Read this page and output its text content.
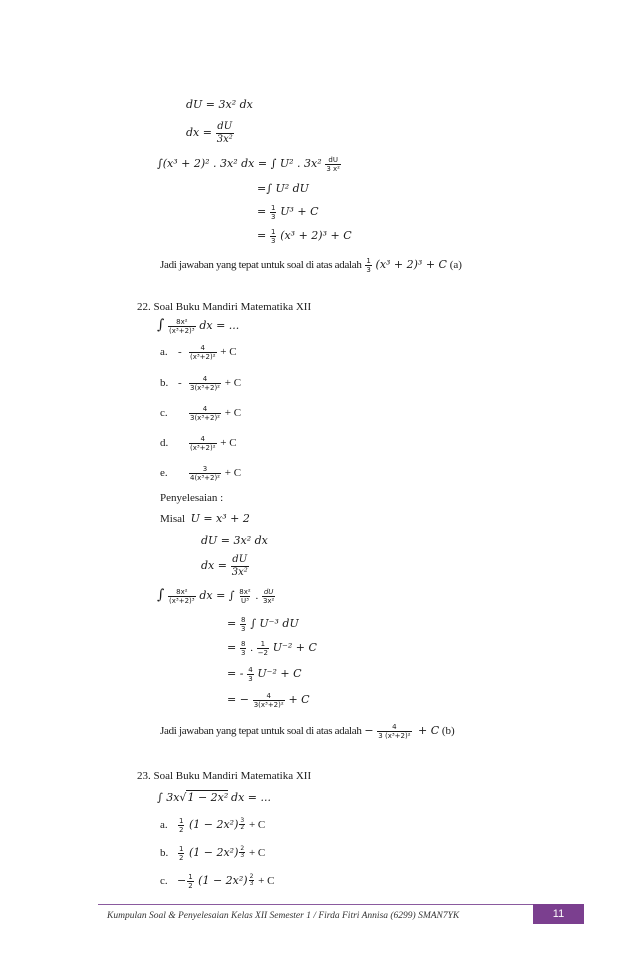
dU = 3x² dx
dx = $\frac{dU}{\text{3x²}}$
∫(x³ + 2)² . 3x² dx = ∫ U² . $3x^2 \frac{dU}{\text{3 x²}}$
=∫ U² dU
= $\frac{1}{3} U^3 + C$
= $\frac{1}{3} (x^3 + 2)^3 + C$
Jadi jawaban yang tepat untuk soal di atas adalah $\frac{1}{3} (x^3 + 2)^3 + C$ (a)
22. Soal Buku Mandiri Matematika XII
∫ $\frac{\text{8x²}}{\text{(x³+2)³}}$ dx = ...
a. - $\frac{4}{\text{(x³+2)²}} + C$
b. - $\frac{4}{\text{3(x³+2)²}} + C$
c.	$\frac{4}{\text{3(x³+2)²}} + C$
d.	$\frac{4}{\text{(x³+2)²}} + C$
e.	$\frac{3}{\text{4(x³+2)²}} + C$
Penyelesaian :
Misal U = x³ + 2
dU = 3x² dx
dx = $\frac{dU}{\text{3x²}}$
∫ $\frac{\text{8x²}}{\text{(x³+2)³}}$ dx = ∫ $\frac{\text{8x²}}{\text{U³}}$ . $\frac{dU}{\text{3x²}}$
= $\frac{8}{3}$ ∫ U⁻³ dU
= $\frac{8}{3}$ . $\frac{1}{-2} U^{-2} + C$
= - $\frac{4}{3} U^{-2} + C$
= − $\frac{4}{\text{3(x³+2)²}} + C$
Jadi jawaban yang tepat untuk soal di atas adalah − $\frac{4}{\text{3 (x³+2)²}} + C$ (b)
23. Soal Buku Mandiri Matematika XII
∫ 3x√1 − 2x² dx = ...
a. $\frac{1}{2} (1 - 2x^2) \frac{3}{2} + C$
b. $\frac{1}{2} (1 - 2x^2) \frac{2}{3} + C$
c. − $\frac{1}{2} (1 - 2x^2) \frac{2}{3} + C$
Kumpulan Soal & Penyelesaian Kelas XII Semester 1 / Firda Fitri Annisa (6299) SMAN7YK	11
